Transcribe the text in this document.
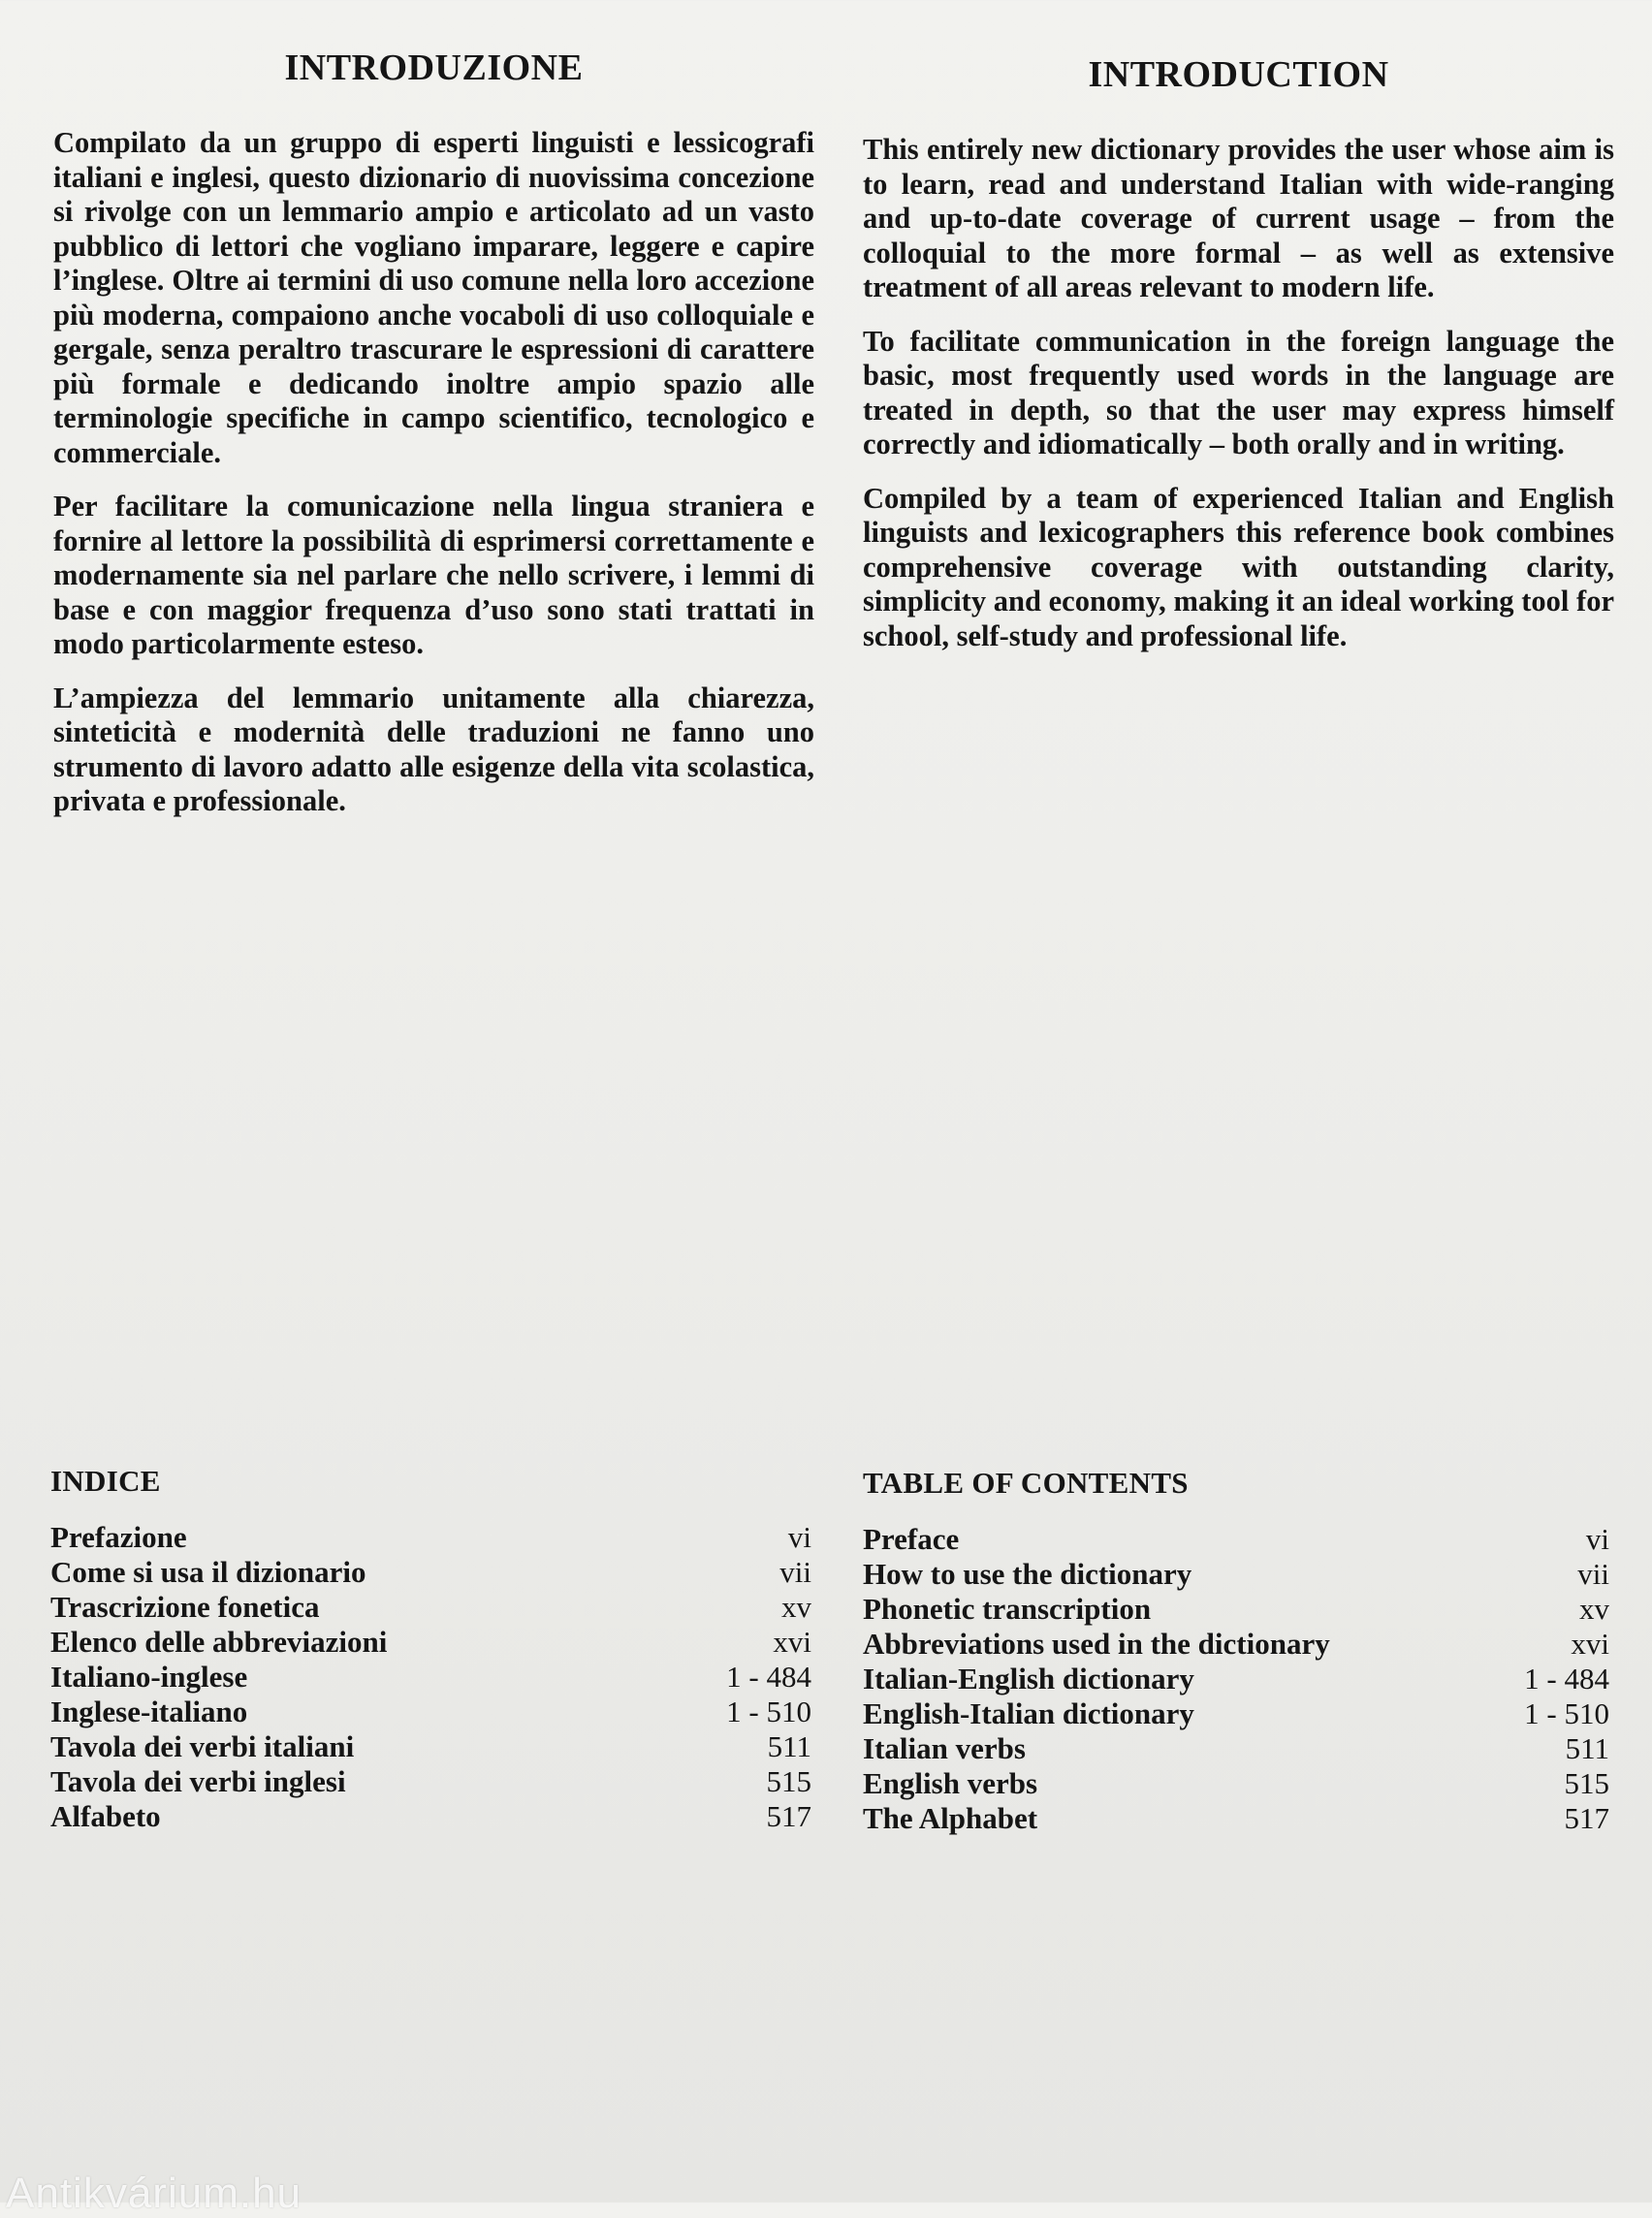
INTRODUZIONE

Compilato da un gruppo di esperti linguisti e lessicografi italiani e inglesi, questo dizionario di nuovissima concezione si rivolge con un lemmario ampio e articolato ad un vasto pubblico di lettori che vogliano imparare, leggere e capire l’inglese. Oltre ai termini di uso comune nella loro accezione più moderna, compaiono anche vocaboli di uso colloquiale e gergale, senza peraltro trascurare le espressioni di carattere più formale e dedicando inoltre ampio spazio alle terminologie specifiche in campo scientifico, tecnologico e commerciale.

Per facilitare la comunicazione nella lingua straniera e fornire al lettore la possibilità di esprimersi correttamente e modernamente sia nel parlare che nello scrivere, i lemmi di base e con maggior frequenza d’uso sono stati trattati in modo particolarmente esteso.

L’ampiezza del lemmario unitamente alla chiarezza, sinteticità e modernità delle traduzioni ne fanno uno strumento di lavoro adatto alle esigenze della vita scolastica, privata e professionale.

INTRODUCTION

This entirely new dictionary provides the user whose aim is to learn, read and understand Italian with wide-ranging and up-to-date coverage of current usage – from the colloquial to the more formal – as well as extensive treatment of all areas relevant to modern life.

To facilitate communication in the foreign language the basic, most frequently used words in the language are treated in depth, so that the user may express himself correctly and idiomatically – both orally and in writing.

Compiled by a team of experienced Italian and English linguists and lexicographers this reference book combines comprehensive coverage with outstanding clarity, simplicity and economy, making it an ideal working tool for school, self-study and professional life.

INDICE
Prefazione	vi
Come si usa il dizionario	vii
Trascrizione fonetica	xv
Elenco delle abbreviazioni	xvi
Italiano-inglese	1 - 484
Inglese-italiano	1 - 510
Tavola dei verbi italiani	511
Tavola dei verbi inglesi	515
Alfabeto	517
TABLE OF CONTENTS
Preface	vi
How to use the dictionary	vii
Phonetic transcription	xv
Abbreviations used in the dictionary	xvi
Italian-English dictionary	1 - 484
English-Italian dictionary	1 - 510
Italian verbs	511
English verbs	515
The Alphabet	517
Antikvárium.hu
